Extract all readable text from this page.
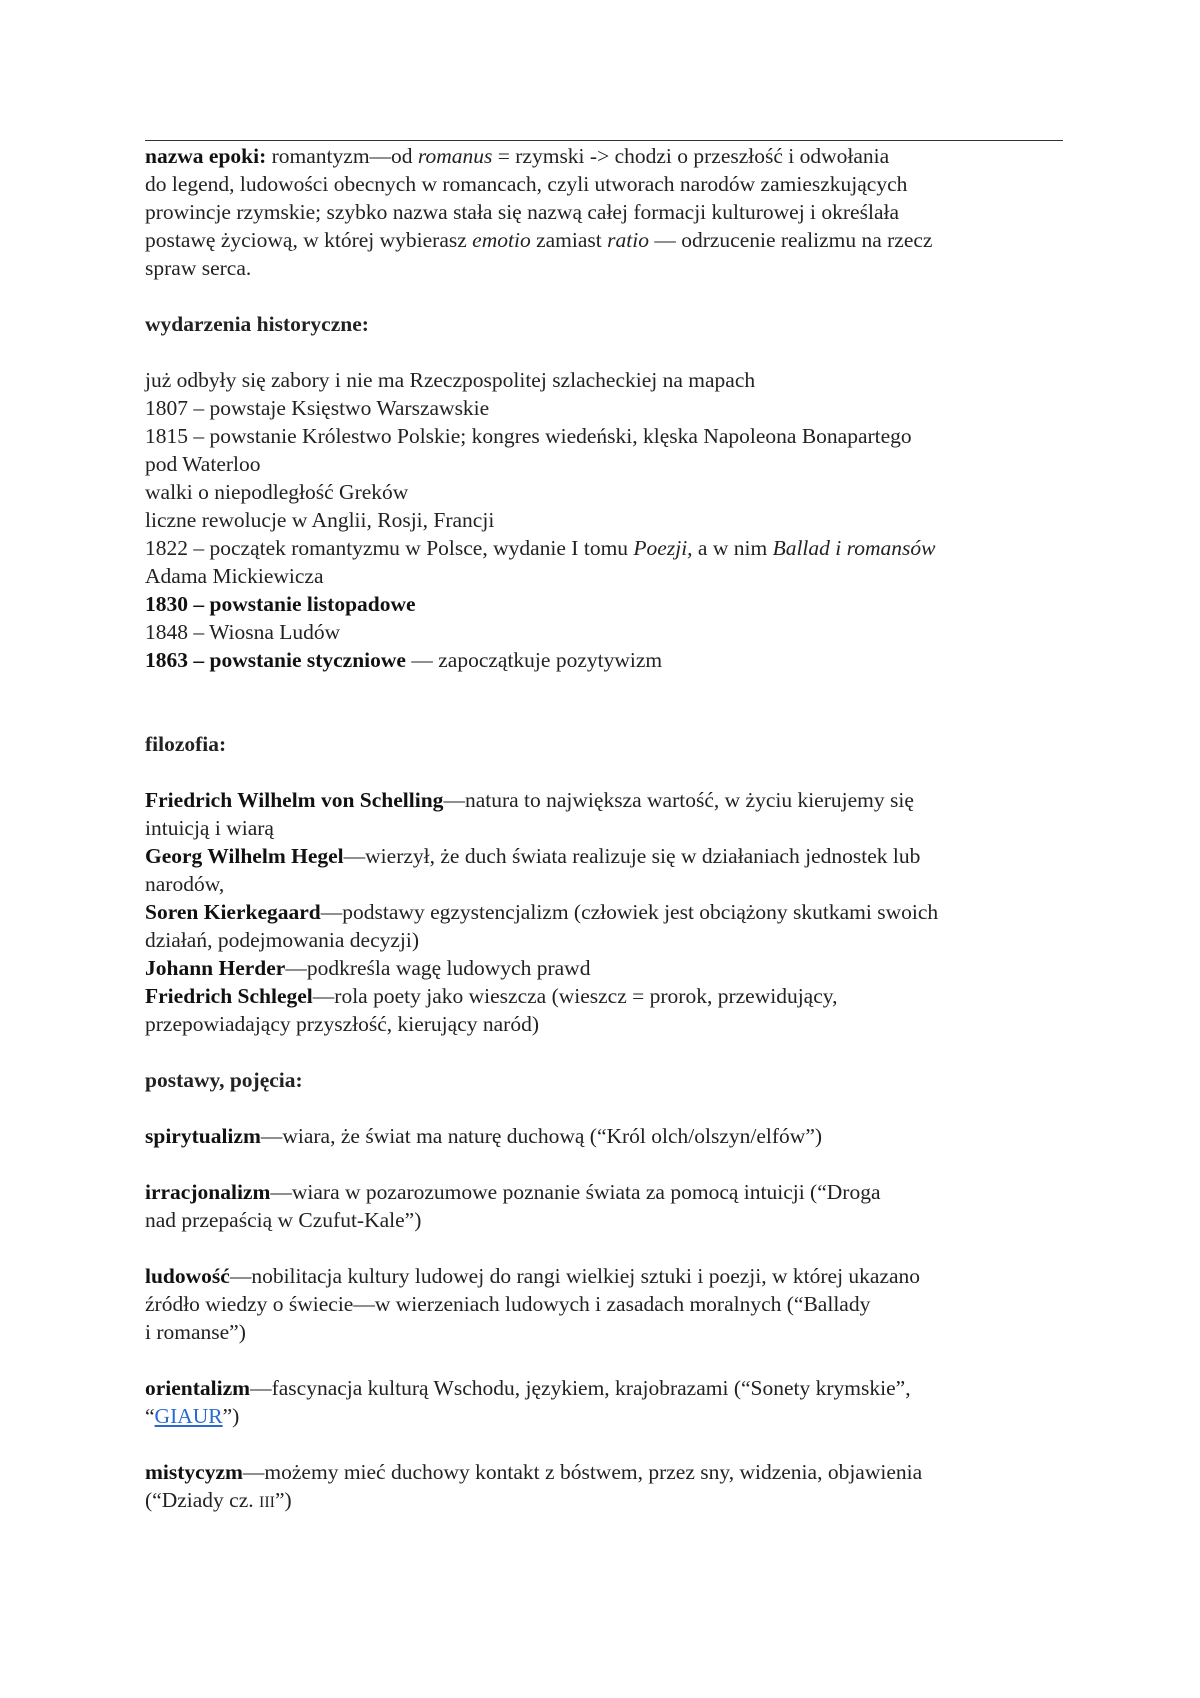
nazwa epoki: romantyzm—od romanus = rzymski -> chodzi o przeszłość i odwołania

do legend, ludowości obecnych w romancach, czyli utworach narodów zamieszkujących

prowincje rzymskie; szybko nazwa stała się nazwą całej formacji kulturowej i określała

postawę życiową, w której wybierasz emotio zamiast ratio — odrzucenie realizmu na rzecz

spraw serca.

wydarzenia historyczne:

już odbyły się zabory i nie ma Rzeczpospolitej szlacheckiej na mapach

1807 – powstaje Księstwo Warszawskie

1815 – powstanie Królestwo Polskie; kongres wiedeński, klęska Napoleona Bonapartego

pod Waterloo

walki o niepodległość Greków

liczne rewolucje w Anglii, Rosji, Francji

1822 – początek romantyzmu w Polsce, wydanie I tomu Poezji, a w nim Ballad i romansów

Adama Mickiewicza

1830 – powstanie listopadowe

1848 – Wiosna Ludów

1863 – powstanie styczniowe — zapoczątkuje pozytywizm

filozofia:

Friedrich Wilhelm von Schelling—natura to największa wartość, w życiu kierujemy się

intuicją i wiarą

Georg Wilhelm Hegel—wierzył, że duch świata realizuje się w działaniach jednostek lub

narodów,

Soren Kierkegaard—podstawy egzystencjalizm (człowiek jest obciążony skutkami swoich

działań, podejmowania decyzji)

Johann Herder—podkreśla wagę ludowych prawd

Friedrich Schlegel—rola poety jako wieszcza (wieszcz = prorok, przewidujący,

przepowiadający przyszłość, kierujący naród)

postawy, pojęcia:

spirytualizm—wiara, że świat ma naturę duchową (“Król olch/olszyn/elfów”)

irracjonalizm—wiara w pozarozumowe poznanie świata za pomocą intuicji (“Droga

nad przepaścią w Czufut-Kale”)

ludowość—nobilitacja kultury ludowej do rangi wielkiej sztuki i poezji, w której ukazano

źródło wiedzy o świecie—w wierzeniach ludowych i zasadach moralnych (“Ballady

i romanse”)

orientalizm—fascynacja kulturą Wschodu, językiem, krajobrazami (“Sonety krymskie”,

“GIAUR”)

mistycyzm—możemy mieć duchowy kontakt z bóstwem, przez sny, widzenia, objawienia

(“Dziady cz. III”)
